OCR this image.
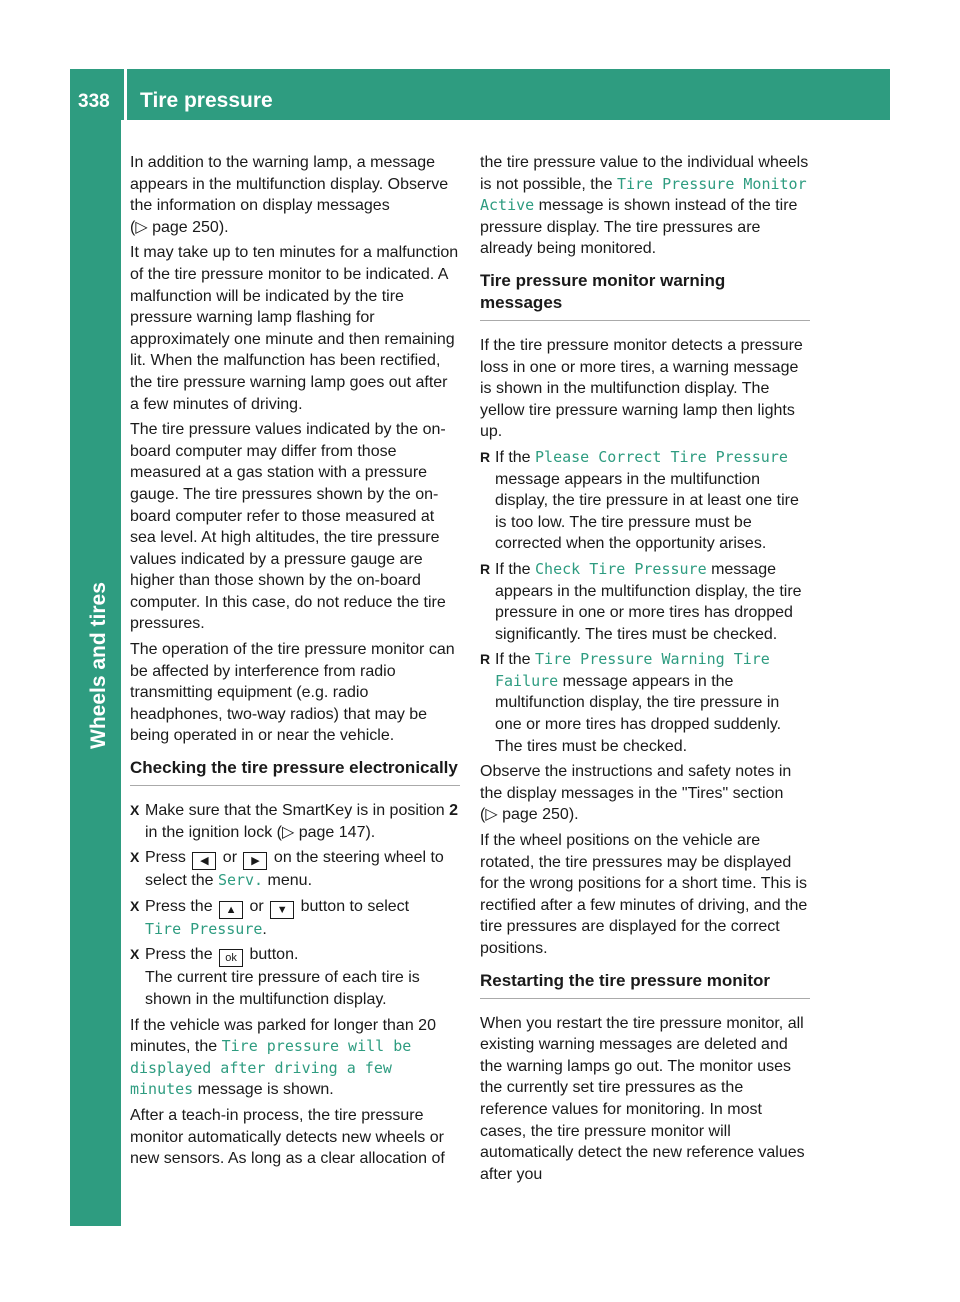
338	Tire pressure
Wheels and tires

In addition to the warning lamp, a message appears in the multifunction display. Observe the information on display messages
(▷ page 250).

It may take up to ten minutes for a malfunction of the tire pressure monitor to be indicated. A malfunction will be indicated by the tire pressure warning lamp flashing for approximately one minute and then remaining lit. When the malfunction has been rectified, the tire pressure warning lamp goes out after a few minutes of driving.

The tire pressure values indicated by the on-board computer may differ from those measured at a gas station with a pressure gauge. The tire pressures shown by the on-board computer refer to those measured at sea level. At high altitudes, the tire pressure values indicated by a pressure gauge are higher than those shown by the on-board computer. In this case, do not reduce the tire pressures.

The operation of the tire pressure monitor can be affected by interference from radio transmitting equipment (e.g. radio headphones, two-way radios) that may be being operated in or near the vehicle.

Checking the tire pressure electronically
X Make sure that the SmartKey is in position 2 in the ignition lock (▷ page 147).
X Press ◀ or ▶ on the steering wheel to select the Serv. menu.
X Press the ▲ or ▼ button to select
Tire Pressure.
X Press the ok button.
The current tire pressure of each tire is shown in the multifunction display.

If the vehicle was parked for longer than 20 minutes, the Tire pressure will be displayed after driving a few minutes message is shown.

After a teach-in process, the tire pressure monitor automatically detects new wheels or new sensors. As long as a clear allocation of

the tire pressure value to the individual wheels is not possible, the Tire Pressure Monitor Active message is shown instead of the tire pressure display. The tire pressures are already being monitored.

Tire pressure monitor warning messages

If the tire pressure monitor detects a pressure loss in one or more tires, a warning message is shown in the multifunction display. The yellow tire pressure warning lamp then lights up.

R If the Please Correct Tire Pressure message appears in the multifunction display, the tire pressure in at least one tire is too low. The tire pressure must be corrected when the opportunity arises.
R If the Check Tire Pressure message appears in the multifunction display, the tire pressure in one or more tires has dropped significantly. The tires must be checked.
R If the Tire Pressure Warning Tire Failure message appears in the multifunction display, the tire pressure in one or more tires has dropped suddenly. The tires must be checked.

Observe the instructions and safety notes in the display messages in the "Tires" section
(▷ page 250).

If the wheel positions on the vehicle are rotated, the tire pressures may be displayed for the wrong positions for a short time. This is rectified after a few minutes of driving, and the tire pressures are displayed for the correct positions.

Restarting the tire pressure monitor

When you restart the tire pressure monitor, all existing warning messages are deleted and the warning lamps go out. The monitor uses the currently set tire pressures as the reference values for monitoring. In most cases, the tire pressure monitor will automatically detect the new reference values after you
